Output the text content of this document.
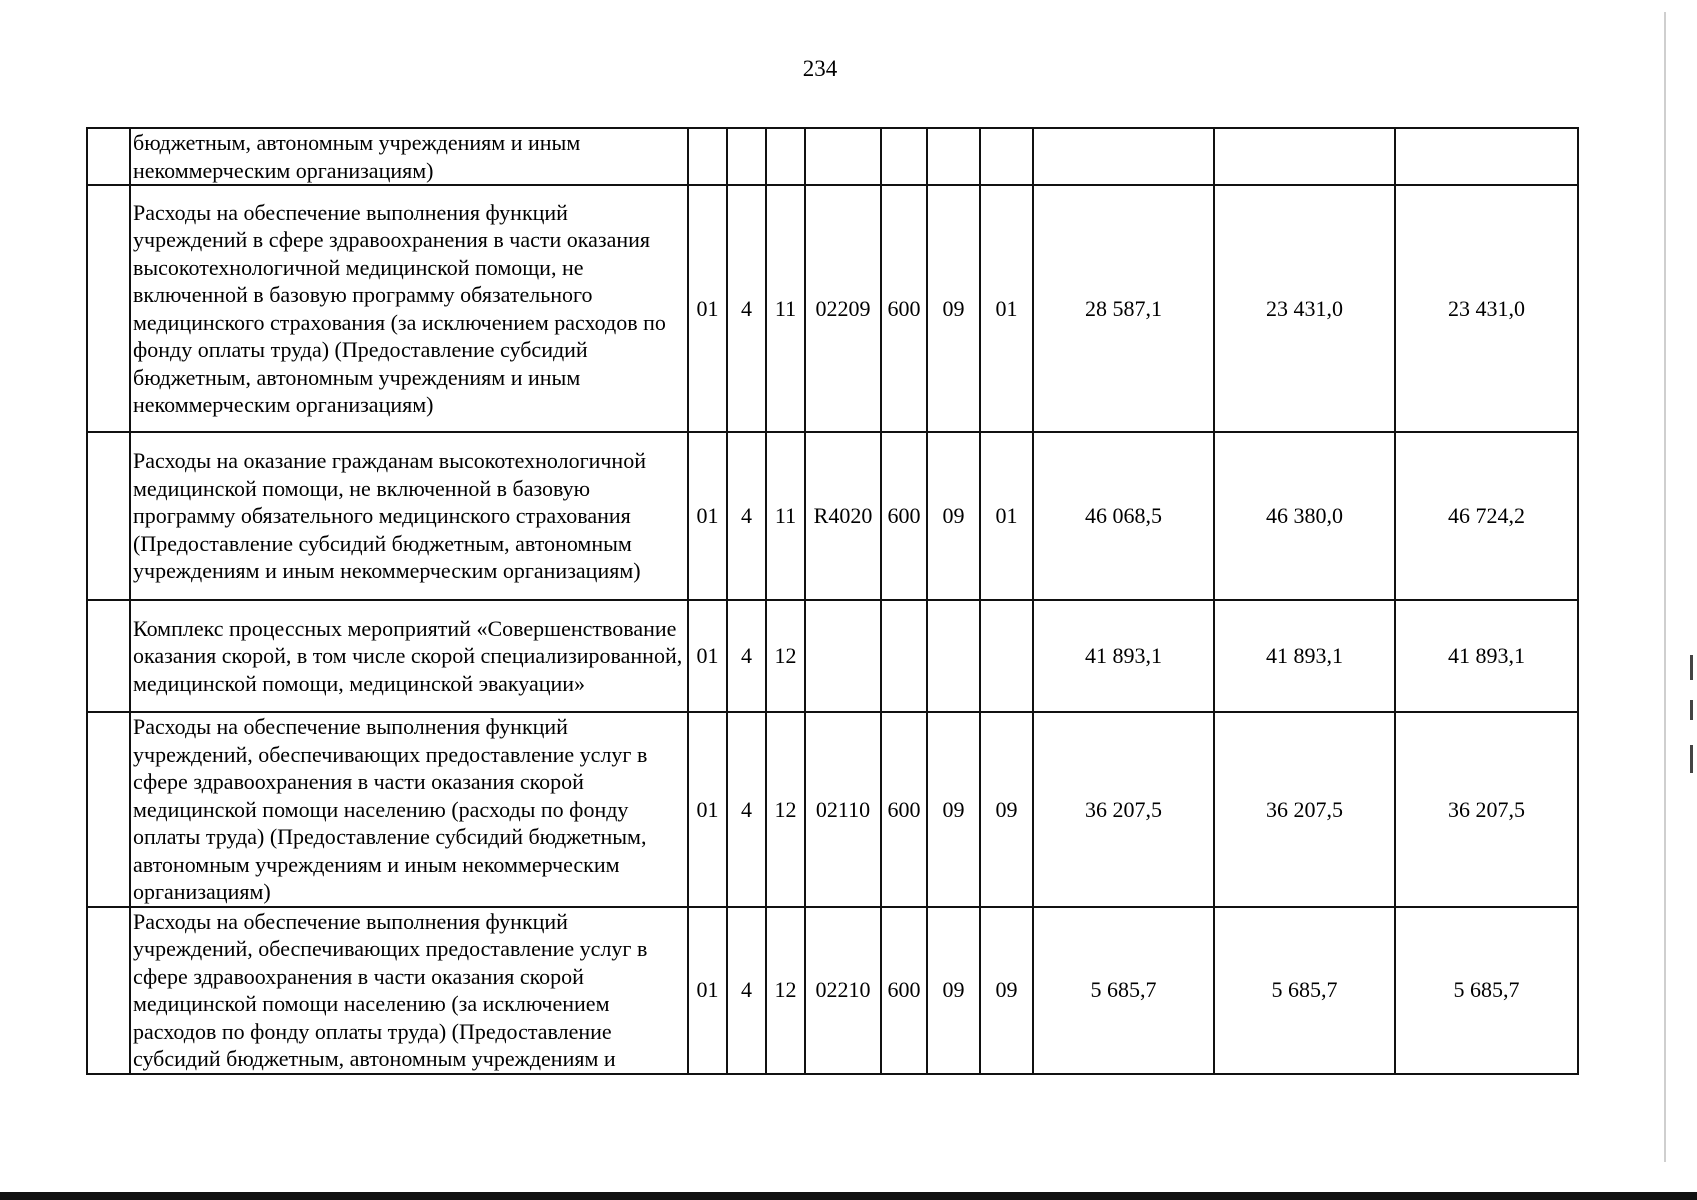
234
	бюджетным, автономным учреждениям и иным некоммерческим организациям)										
	Расходы на обеспечение выполнения функций учреждений в сфере здравоохранения в части оказания высокотехнологичной медицинской помощи, не включенной в базовую программу обязательного медицинского страхования (за исключением расходов по фонду оплаты труда) (Предоставление субсидий бюджетным, автономным учреждениям и иным некоммерческим организациям)	01	4	11	02209	600	09	01	28 587,1	23 431,0	23 431,0
	Расходы на оказание гражданам высокотехнологичной медицинской помощи, не включенной в базовую программу обязательного медицинского страхования (Предоставление субсидий бюджетным, автономным учреждениям и иным некоммерческим организациям)	01	4	11	R4020	600	09	01	46 068,5	46 380,0	46 724,2
	Комплекс процессных мероприятий «Совершенствование оказания скорой, в том числе скорой специализированной, медицинской помощи, медицинской эвакуации»	01	4	12					41 893,1	41 893,1	41 893,1
	Расходы на обеспечение выполнения функций учреждений, обеспечивающих предоставление услуг в сфере здравоохранения в части оказания скорой медицинской помощи населению (расходы по фонду оплаты труда) (Предоставление субсидий бюджетным, автономным учреждениям и иным некоммерческим организациям)	01	4	12	02110	600	09	09	36 207,5	36 207,5	36 207,5
	Расходы на обеспечение выполнения функций учреждений, обеспечивающих предоставление услуг в сфере здравоохранения в части оказания скорой медицинской помощи населению (за исключением расходов по фонду оплаты труда) (Предоставление субсидий бюджетным, автономным учреждениям и	01	4	12	02210	600	09	09	5 685,7	5 685,7	5 685,7
